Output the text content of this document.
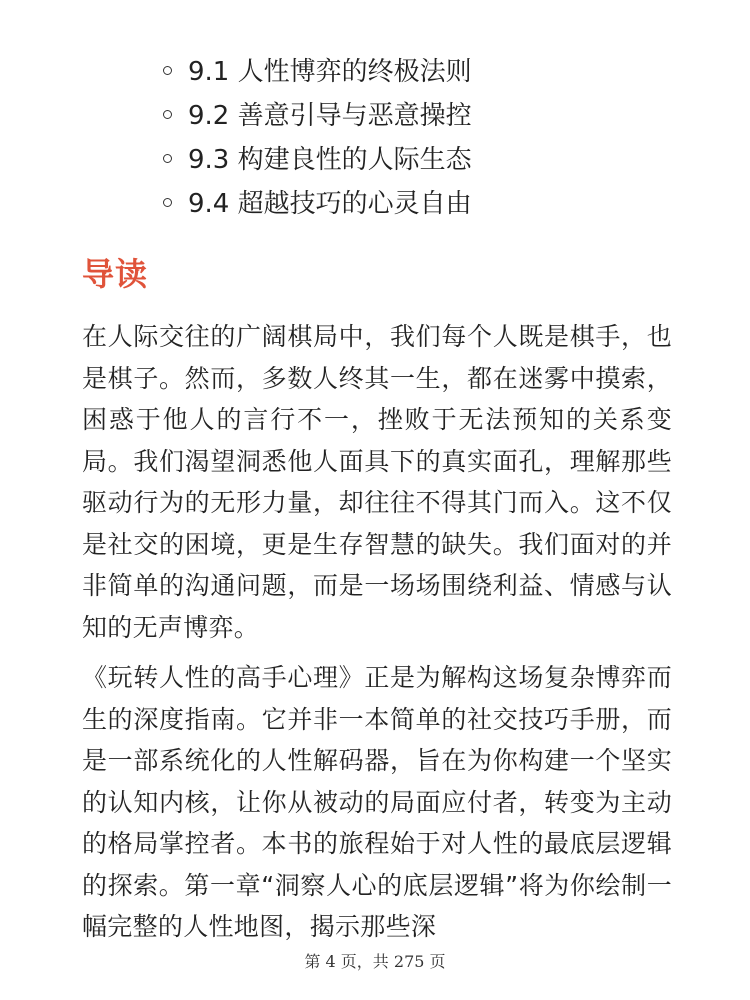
9.1 人性博弈的终极法则
9.2 善意引导与恶意操控
9.3 构建良性的人际生态
9.4 超越技巧的心灵自由
导读

在人际交往的广阔棋局中，我们每个人既是棋手，也是棋子。然而，多数人终其一生，都在迷雾中摸索，困惑于他人的言行不一，挫败于无法预知的关系变局。我们渴望洞悉他人面具下的真实面孔，理解那些驱动行为的无形力量，却往往不得其门而入。这不仅是社交的困境，更是生存智慧的缺失。我们面对的并非简单的沟通问题，而是一场场围绕利益、情感与认知的无声博弈。

《玩转人性的高手心理》正是为解构这场复杂博弈而生的深度指南。它并非一本简单的社交技巧手册，而是一部系统化的人性解码器，旨在为你构建一个坚实的认知内核，让你从被动的局面应付者，转变为主动的格局掌控者。本书的旅程始于对人性的最底层逻辑的探索。第一章“洞察人心的底层逻辑”将为你绘制一幅完整的人性地图，揭示那些深

第 4 页，共 275 页
